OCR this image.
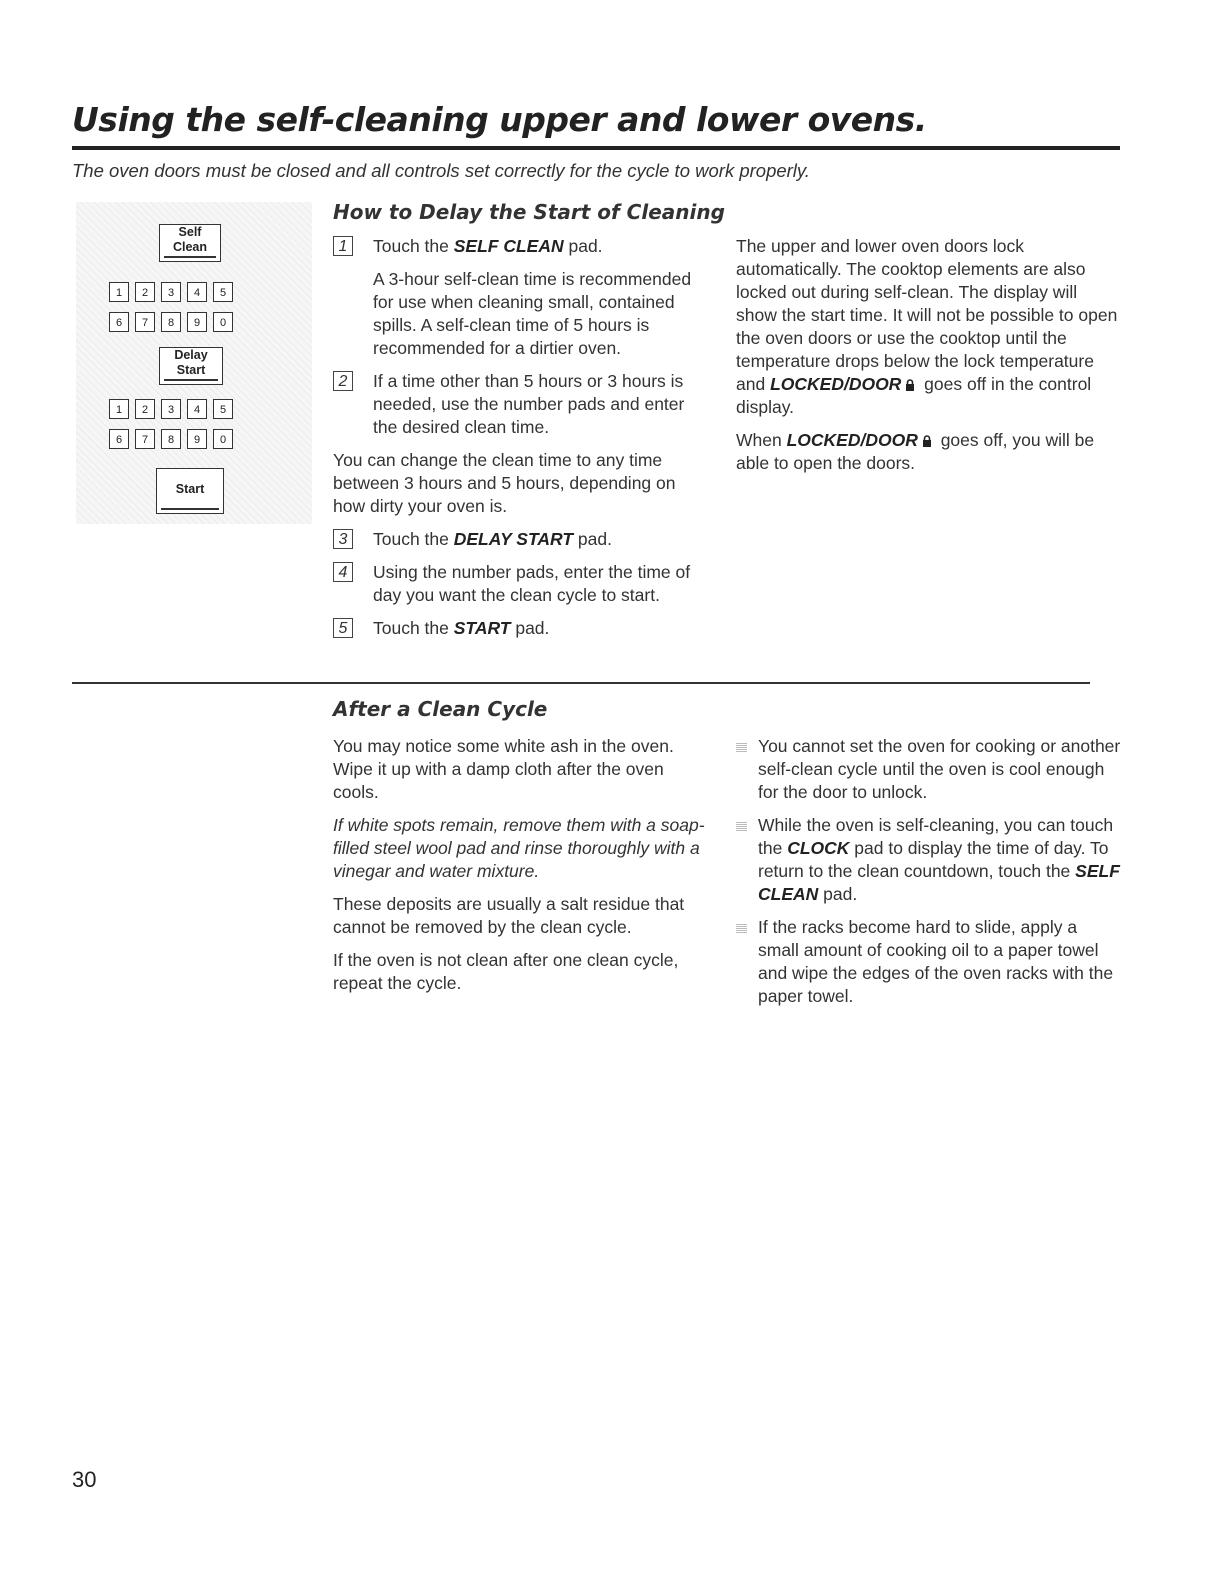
Using the self-cleaning upper and lower ovens.

The oven doors must be closed and all controls set correctly for the cycle to work properly.

Self
Clean
1	2	3	4	5
6	7	8	9	0
Delay
Start
1	2	3	4	5
6	7	8	9	0
Start
How to Delay the Start of Cleaning
1	Touch the SELF CLEAN pad.

A 3-hour self-clean time is recommended for use when cleaning small, contained spills. A self-clean time of 5 hours is recommended for a dirtier oven.

2	If a time other than 5 hours or 3 hours is needed, use the number pads and enter the desired clean time.

You can change the clean time to any time between 3 hours and 5 hours, depending on how dirty your oven is.

3	Touch the DELAY START pad.
4	Using the number pads, enter the time of day you want the clean cycle to start.
5	Touch the START pad.

The upper and lower oven doors lock automatically. The cooktop elements are also locked out during self-clean. The display will show the start time. It will not be possible to open the oven doors or use the cooktop until the temperature drops below the lock temperature and LOCKED/DOOR goes off in the control display.

When LOCKED/DOOR goes off, you will be able to open the doors.

After a Clean Cycle

You may notice some white ash in the oven. Wipe it up with a damp cloth after the oven cools.

If white spots remain, remove them with a soap-filled steel wool pad and rinse thoroughly with a vinegar and water mixture.

These deposits are usually a salt residue that cannot be removed by the clean cycle.

If the oven is not clean after one clean cycle, repeat the cycle.

You cannot set the oven for cooking or another self-clean cycle until the oven is cool enough for the door to unlock.
While the oven is self-cleaning, you can touch the CLOCK pad to display the time of day. To return to the clean countdown, touch the SELF CLEAN pad.
If the racks become hard to slide, apply a small amount of cooking oil to a paper towel and wipe the edges of the oven racks with the paper towel.

30
